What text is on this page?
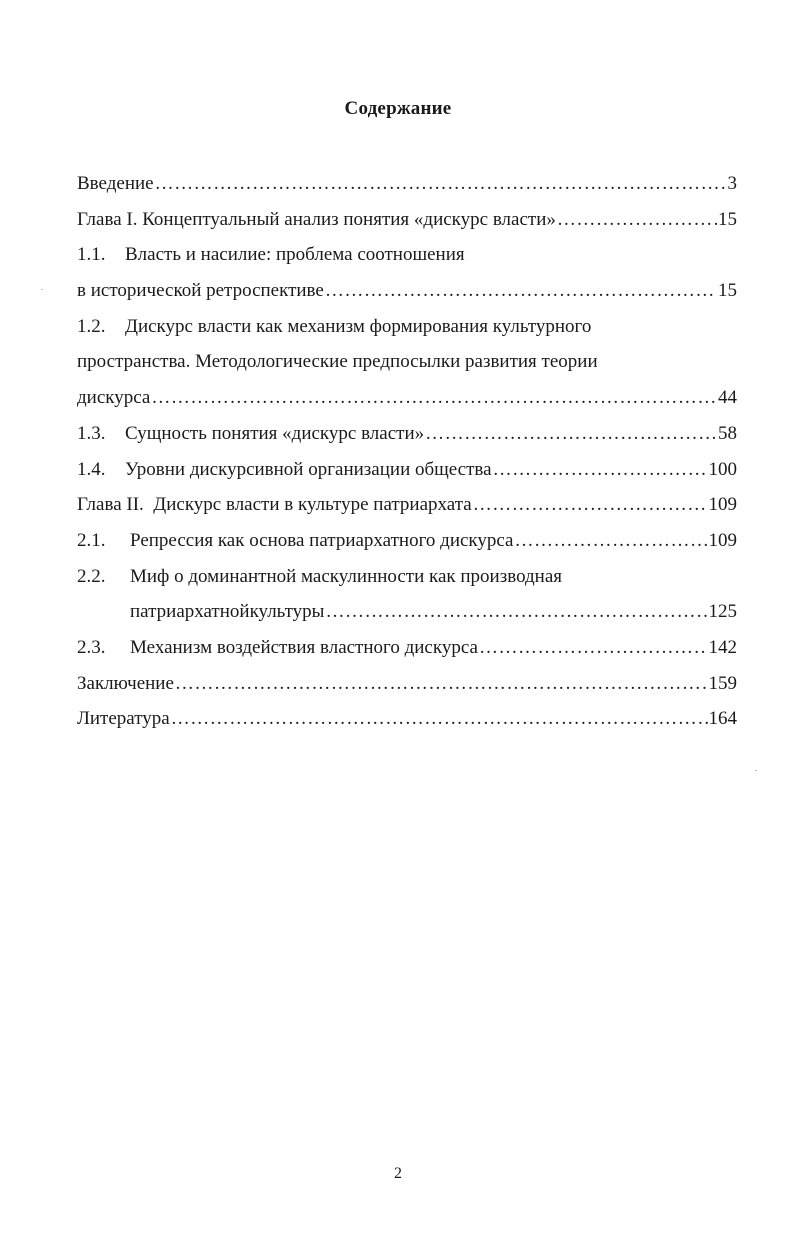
Содержание
Введение ……………………………………………………………………………………………………………………………………………	3
Глава I. Концептуальный анализ понятия «дискурс власти» ……………………………………………………………………………………………………………………………………………	15
1.1. Власть и насилие: проблема соотношения
в исторической ретроспективе ……………………………………………………………………………………………………………………………………………	15
1.2. Дискурс власти как механизм формирования культурного
пространства. Методологические предпосылки развития теории
дискурса ……………………………………………………………………………………………………………………………………………	44
1.3. Сущность понятия «дискурс власти» ……………………………………………………………………………………………………………………………………………	58
1.4. Уровни дискурсивной организации общества ……………………………………………………………………………………………………………………………………………	100
Глава II.  Дискурс власти в культуре патриархата ……………………………………………………………………………………………………………………………………………	109
2.1. Репрессия как основа патриархатного дискурса ……………………………………………………………………………………………………………………………………………	109
2.2. Миф о доминантной маскулинности как производная
патриархатнойкультуры ……………………………………………………………………………………………………………………………………………	125
2.3. Механизм воздействия властного дискурса ……………………………………………………………………………………………………………………………………………	142
Заключение ……………………………………………………………………………………………………………………………………………	159
Литература ……………………………………………………………………………………………………………………………………………	164
2
